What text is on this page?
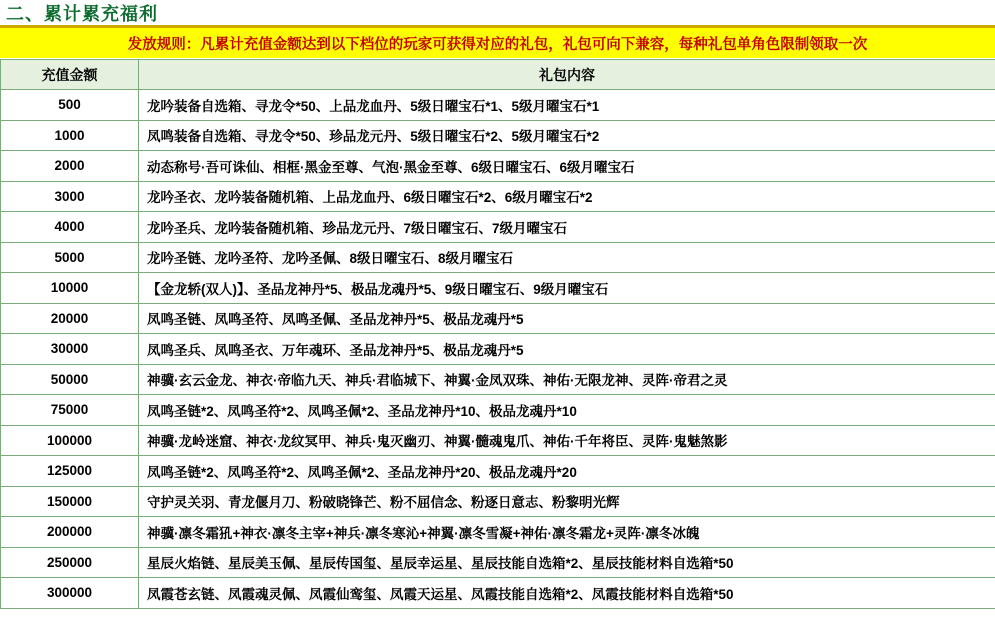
二、累计累充福利
发放规则：凡累计充值金额达到以下档位的玩家可获得对应的礼包，礼包可向下兼容，每种礼包单角色限制领取一次
充值金额	礼包内容
500	龙吟装备自选箱、寻龙令*50、上品龙血丹、5级日曜宝石*1、5级月曜宝石*1
1000	凤鸣装备自选箱、寻龙令*50、珍品龙元丹、5级日曜宝石*2、5级月曜宝石*2
2000	动态称号·吾可诛仙、相框·黑金至尊、气泡·黑金至尊、6级日曜宝石、6级月曜宝石
3000	龙吟圣衣、龙吟装备随机箱、上品龙血丹、6级日曜宝石*2、6级月曜宝石*2
4000	龙吟圣兵、龙吟装备随机箱、珍品龙元丹、7级日曜宝石、7级月曜宝石
5000	龙吟圣链、龙吟圣符、龙吟圣佩、8级日曜宝石、8级月曜宝石
10000	【金龙轿(双人)】、圣品龙神丹*5、极品龙魂丹*5、9级日曜宝石、9级月曜宝石
20000	凤鸣圣链、凤鸣圣符、凤鸣圣佩、圣品龙神丹*5、极品龙魂丹*5
30000	凤鸣圣兵、凤鸣圣衣、万年魂环、圣品龙神丹*5、极品龙魂丹*5
50000	神骥·玄云金龙、神衣·帝临九天、神兵·君临城下、神翼·金凤双珠、神佑·无限龙神、灵阵·帝君之灵
75000	凤鸣圣链*2、凤鸣圣符*2、凤鸣圣佩*2、圣品龙神丹*10、极品龙魂丹*10
100000	神骥·龙岭迷窟、神衣·龙纹冥甲、神兵·鬼灭幽刃、神翼·髓魂鬼爪、神佑·千年将臣、灵阵·鬼魅煞影
125000	凤鸣圣链*2、凤鸣圣符*2、凤鸣圣佩*2、圣品龙神丹*20、极品龙魂丹*20
150000	守护灵关羽、青龙偃月刀、粉破晓锋芒、粉不屈信念、粉逐日意志、粉黎明光辉
200000	神骥·凛冬霜犼+神衣·凛冬主宰+神兵·凛冬寒沁+神翼·凛冬雪凝+神佑·凛冬霜龙+灵阵·凛冬冰魄
250000	星辰火焰链、星辰美玉佩、星辰传国玺、星辰幸运星、星辰技能自选箱*2、星辰技能材料自选箱*50
300000	凤霞苍玄链、凤霞魂灵佩、凤霞仙鸾玺、凤霞天运星、凤霞技能自选箱*2、凤霞技能材料自选箱*50
